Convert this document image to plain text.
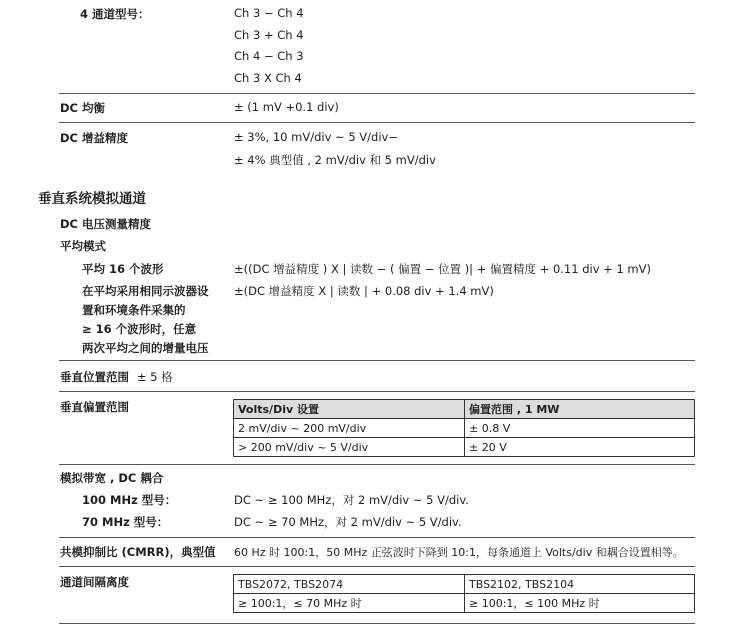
4 通道型号：	Ch 3 − Ch 4
Ch 3 + Ch 4
Ch 4 − Ch 3
Ch 3 X Ch 4
DC 均衡	± (1 mV +0.1 div)
DC 增益精度	± 3%, 10 mV/div ~ 5 V/div−
± 4% 典型值 , 2 mV/div 和 5 mV/div
垂直系统模拟通道
DC 电压测量精度
平均模式
平均 16 个波形	±((DC 增益精度 ) X | 读数 − ( 偏置 − 位置 )| + 偏置精度 + 0.11 div + 1 mV)
在平均采用相同示波器设
置和环境条件采集的
≥ 16 个波形时，任意
两次平均之间的增量电压
±(DC 增益精度 X | 读数 | + 0.08 div + 1.4 mV)
垂直位置范围 ± 5 格
垂直偏置范围	Volts/Div 设置	偏置范围 , 1 MW
2 mV/div ~ 200 mV/div	± 0.8 V
> 200 mV/div ~ 5 V/div	± 20 V
模拟带宽 , DC 耦合
100 MHz 型号：	DC ~ ≥ 100 MHz，对 2 mV/div ~ 5 V/div.
70 MHz 型号：	DC ~ ≥ 70 MHz，对 2 mV/div ~ 5 V/div.
共模抑制比 (CMRR)，典型值 60 Hz 时 100:1，50 MHz 正弦波时下降到 10:1，每条通道上 Volts/div 和耦合设置相等。
通道间隔离度	TBS2072, TBS2074	TBS2102, TBS2104
≥ 100:1，≤ 70 MHz 时	≥ 100:1，≤ 100 MHz 时
